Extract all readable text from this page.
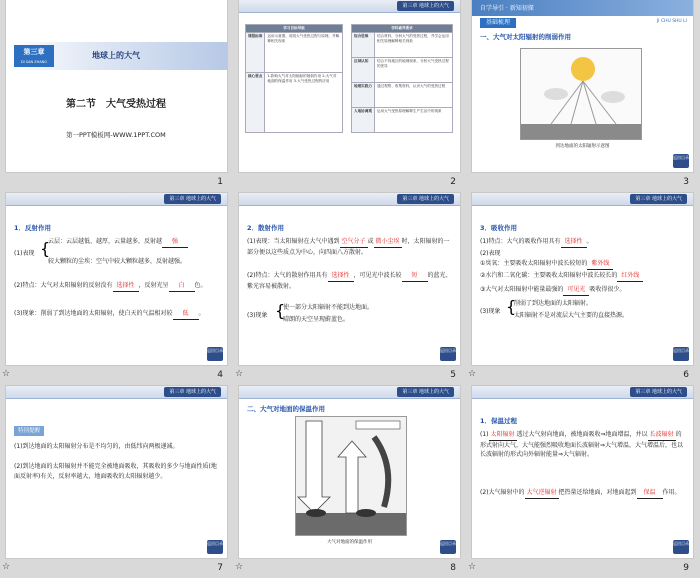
第三章
DI SAN ZHANG
地球上的大气
第二节　大气受热过程
第一PPT模板网-WWW.1PPT.COM
1
第三章 地球上的大气
学习目标导航	
课程标准	运用示意图，说明大气受热过程与原理，并解释相关现象
核心要点	1.影响大气对太阳辐射的削弱作用 2.大气对地面的保温作用 3.大气受热过程的应用
学科素养要求	
综合思维	结合材料，分析大气的受热过程，并学会运用相关原理解释相关现象
区域认知	结合不同地区的地理现象，分析大气受热过程的差异
地理实践力	通过观察、收集资料，认识大气的受热过程
人地协调观	运用大气受热原理解释生产生活中的现象
2
自学导引 · 新知初探
基础梳理	JI CHU SHU LI
一、大气对太阳辐射的削弱作用
到达地面的太阳辐射示意图
返回目录
3
第三章 地球上的大气
1．反射作用
(1)表现 {
云层：云层越低、越厚，云量越多，反射越 强
较大颗粒的尘埃：空气中较大颗粒越多，反射越强。
(2)特点：大气对太阳辐射的反射没有 选择性 ，反射光呈 白 色。
(3)现象：削弱了到达地面的太阳辐射，使白天的气温相对较 低 。
返回目录
☆	4
第三章 地球上的大气
2．散射作用
(1)表现：当太阳辐射在大气中遇到 空气分子 或 微小尘埃 时，太阳辐射的一部分便以这些质点为中心，向四面八方散射。
(2)特点：大气的散射作用具有 选择性 ，可见光中波长较 短 的蓝光、紫光容易被散射。
(3)现象 {
使一部分太阳辐射不能到达地面。
晴朗的天空呈现蔚蓝色。
返回目录
☆	5
第三章 地球上的大气
3．吸收作用
(1)特点：大气的吸收作用具有 选择性 。
(2)表现
①臭氧：主要吸收太阳辐射中波长较短的 紫外线
②水汽和二氧化碳：主要吸收太阳辐射中波长较长的 红外线
③大气对太阳辐射中能量最强的 可见光 吸收得很少。
(3)现象 {
削弱了到达地面的太阳辐射。
太阳辐射不是对流层大气主要的直接热源。
返回目录
☆	6
第三章 地球上的大气
特别提醒
(1)到达地面的太阳辐射分布是不均匀的，由低纬向两极递减。
(2)到达地面的太阳辐射并不能完全被地面吸收，其吸收的多少与地面性质(地面反射率)有关，反射率越大，地面吸收的太阳辐射越少。
返回目录
☆	7
第三章 地球上的大气
二、大气对地面的保温作用
大气对地面的保温作用	返回目录
☆	8
第三章 地球上的大气
1．保温过程
(1) 太阳辐射 透过大气射向地面，被地面吸收⇒地面增温，并以 长波辐射 的形式射向大气，大气能强烈吸收地面长波辐射⇒大气增温，大气增温后，也以长波辐射的形式向外辐射能量⇒大气辐射。
(2)大气辐射中的 大气逆辐射 把热量还给地面，对地面起到 保温 作用。
返回目录
☆	9
